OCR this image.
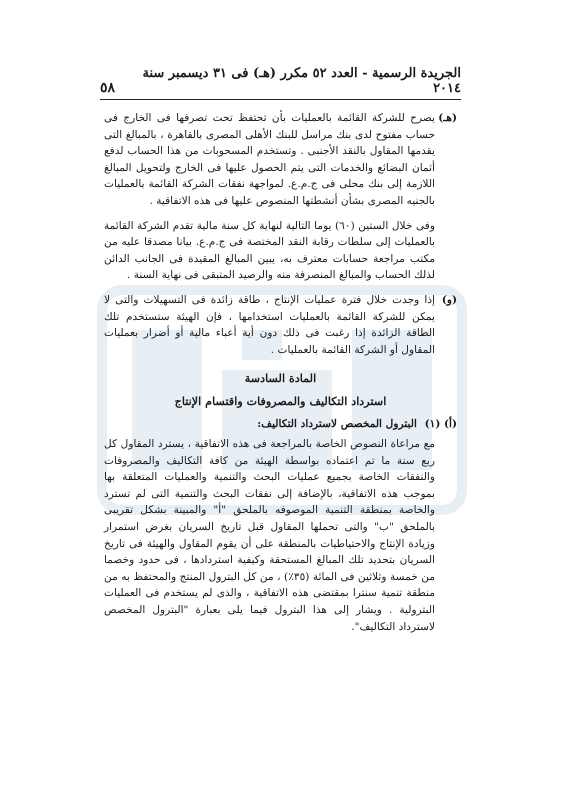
الجريدة الرسمية - العدد ٥٢ مكرر (هـ) فى ٣١ ديسمبر سنة ٢٠١٤
٥٨
(هـ)
يصرح للشركة القائمة بالعمليات بأن تحتفظ تحت تصرفها فى الخارج فى حساب مفتوح لدى بنك مراسل للبنك الأهلى المصرى بالقاهرة ، بالمبالغ التى يقدمها المقاول بالنقد الأجنبى . وتستخدم المسحوبات من هذا الحساب لدفع أثمان البضائع والخدمات التى يتم الحصول عليها فى الخارج ولتحويل المبالغ اللازمة إلى بنك محلى فى ج.م.ع. لمواجهة نفقات الشركة القائمة بالعمليات بالجنيه المصرى بشأن أنشطتها المنصوص عليها فى هذه الاتفاقية .

وفى خلال الستين (٦٠) يوما التالية لنهاية كل سنة مالية تقدم الشركة القائمة بالعمليات إلى سلطات رقابة النقد المختصة فى ج.م.ع. بيانا مصدقا عليه من مكتب مراجعة حسابات معترف به، يبين المبالغ المقيدة فى الجانب الدائن لذلك الحساب والمبالغ المنصرفة منه والرصيد المتبقى فى نهاية السنة .

(و)
إذا وجدت خلال فترة عمليات الإنتاج ، طاقة زائدة فى التسهيلات والتى لا يمكن للشركة القائمة بالعمليات استخدامها ، فإن الهيئة ستستخدم تلك الطاقة الزائدة إذا رغبت فى ذلك دون أية أعباء مالية أو أضرار بعمليات المقاول أو الشركة القائمة بالعمليات .
المادة السادسة
استرداد التكاليف والمصروفات واقتسام الإنتاج
(أ) (١) البترول المخصص لاسترداد التكاليف:

مع مراعاة النصوص الخاصة بالمراجعة فى هذه الاتفاقية ، يسترد المقاول كل ربع سنة ما تم اعتماده بواسطة الهيئة من كافة التكاليف والمصروفات والنفقات الخاصة بجميع عمليات البحث والتنمية والعمليات المتعلقة بها بموجب هذه الاتفاقية، بالإضافة إلى نفقات البحث والتنمية التى لم تسترد والخاصة بمنطقة التنمية الموصوفه بالملحق "أ" والمبينة بشكل تقريبى بالملحق "ب" والتى تحملها المقاول قبل تاريخ السريان بغرض استمرار وزيادة الإنتاج والاحتياطيات بالمنطقة على أن يقوم المقاول والهيئة فى تاريخ السريان بتحديد تلك المبالغ المستحقة وكيفية استردادها ، فى حدود وخصما من خمسة وثلاثين فى المائة (٣٥٪) ، من كل البترول المنتج والمحتفظ به من منطقة تنمية سنترا بمقتضى هذه الاتفاقية ، والذى لم يستخدم فى العمليات البترولية . ويشار إلى هذا البترول فيما يلى بعبارة "البترول المخصص لاسترداد التكاليف".
